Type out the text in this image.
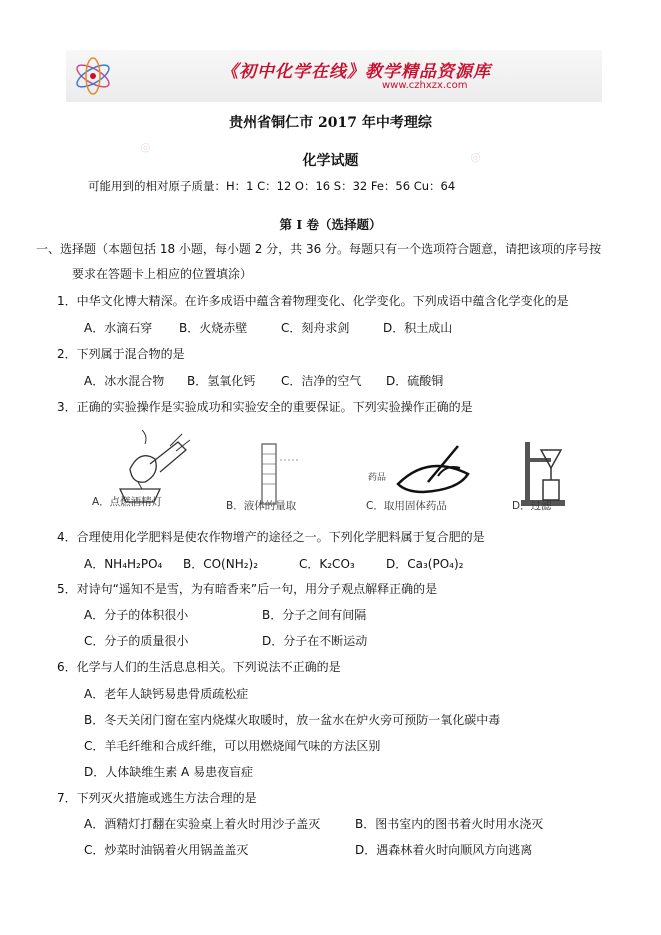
《初中化学在线》教学精品资源库
www.czhxzx.com
◎
◎
贵州省铜仁市 2017 年中考理综
化学试题
可能用到的相对原子质量：H：1 C：12 O：16 S：32 Fe：56 Cu：64
第 I 卷（选择题）
一、选择题（本题包括 18 小题，每小题 2 分，共 36 分。每题只有一个选项符合题意，请把该项的序号按
要求在答题卡上相应的位置填涂）
1．中华文化博大精深。在许多成语中蕴含着物理变化、化学变化。下列成语中蕴含化学变化的是
A．水滴石穿 B．火烧赤壁	C．刻舟求剑	D．积土成山
2．下列属于混合物的是
A．冰水混合物 B．氢氧化钙 C．洁净的空气 D．硫酸铜
3．正确的实验操作是实验成功和实验安全的重要保证。下列实验操作正确的是
A．点燃酒精灯	B．液体的量取
药品
C．取用固体药品	D．过滤
4．合理使用化学肥料是使农作物增产的途径之一。下列化学肥料属于复合肥的是
A．NH₄H₂PO₄ B．CO(NH₂)₂	C．K₂CO₃	D．Ca₃(PO₄)₂
5．对诗句“遥知不是雪，为有暗香来”后一句，用分子观点解释正确的是
A．分子的体积很小	B．分子之间有间隔
C．分子的质量很小	D．分子在不断运动
6．化学与人们的生活息息相关。下列说法不正确的是
A．老年人缺钙易患骨质疏松症
B．冬天关闭门窗在室内烧煤火取暖时，放一盆水在炉火旁可预防一氧化碳中毒
C．羊毛纤维和合成纤维，可以用燃烧闻气味的方法区别
D．人体缺维生素 A 易患夜盲症
7．下列灭火措施或逃生方法合理的是
A．酒精灯打翻在实验桌上着火时用沙子盖灭	B．图书室内的图书着火时用水浇灭
C．炒菜时油锅着火用锅盖盖灭	D．遇森林着火时向顺风方向逃离
